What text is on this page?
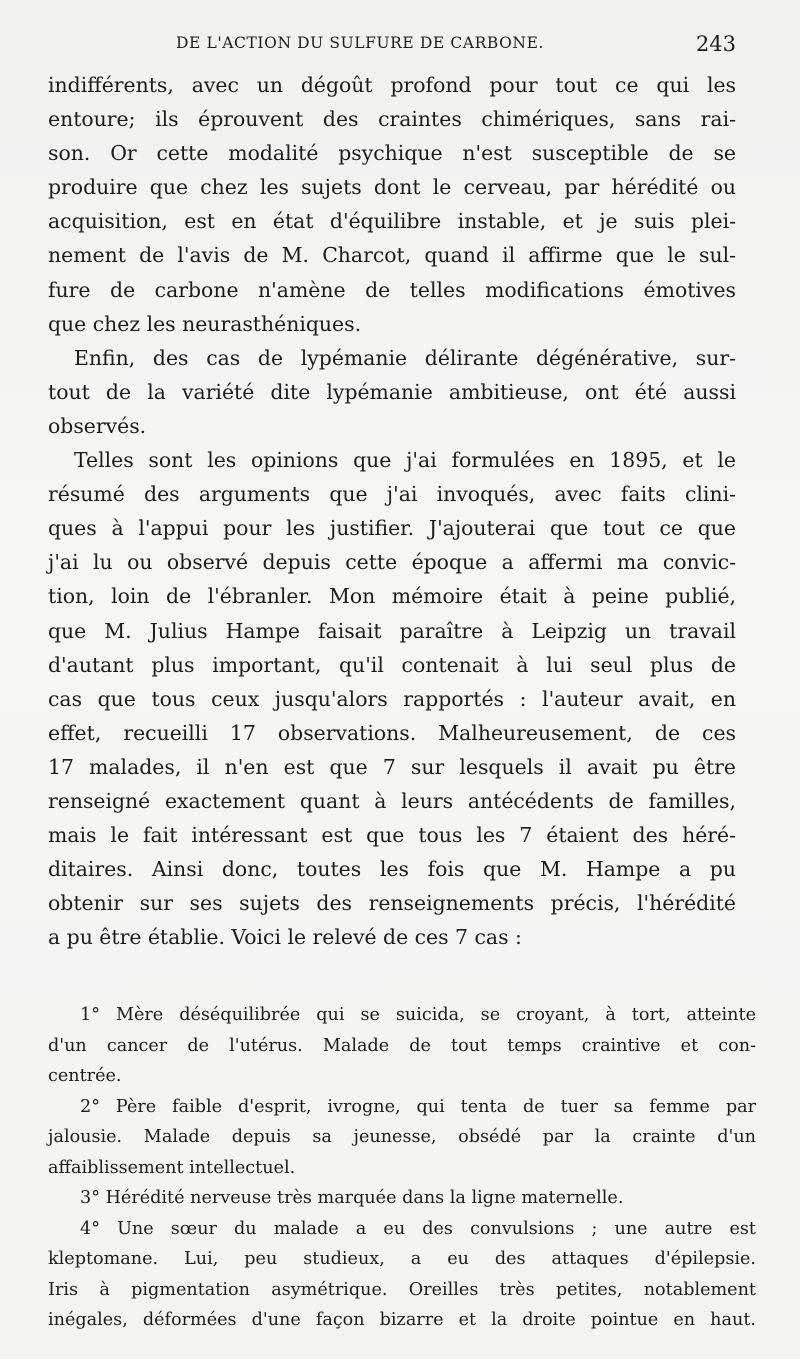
DE L'ACTION DU SULFURE DE CARBONE.	243
indifférents, avec un dégoût profond pour tout ce qui les
entoure; ils éprouvent des craintes chimériques, sans rai-
son. Or cette modalité psychique n'est susceptible de se
produire que chez les sujets dont le cerveau, par hérédité ou
acquisition, est en état d'équilibre instable, et je suis plei-
nement de l'avis de M. Charcot, quand il affirme que le sul-
fure de carbone n'amène de telles modifications émotives
que chez les neurasthéniques.
Enfin, des cas de lypémanie délirante dégénérative, sur-
tout de la variété dite lypémanie ambitieuse, ont été aussi
observés.
Telles sont les opinions que j'ai formulées en 1895, et le
résumé des arguments que j'ai invoqués, avec faits clini-
ques à l'appui pour les justifier. J'ajouterai que tout ce que
j'ai lu ou observé depuis cette époque a affermi ma convic-
tion, loin de l'ébranler. Mon mémoire était à peine publié,
que M. Julius Hampe faisait paraître à Leipzig un travail
d'autant plus important, qu'il contenait à lui seul plus de
cas que tous ceux jusqu'alors rapportés : l'auteur avait, en
effet, recueilli 17 observations. Malheureusement, de ces
17 malades, il n'en est que 7 sur lesquels il avait pu être
renseigné exactement quant à leurs antécédents de familles,
mais le fait intéressant est que tous les 7 étaient des héré-
ditaires. Ainsi donc, toutes les fois que M. Hampe a pu
obtenir sur ses sujets des renseignements précis, l'hérédité
a pu être établie. Voici le relevé de ces 7 cas :
1° Mère déséquilibrée qui se suicida, se croyant, à tort, atteinte
d'un cancer de l'utérus. Malade de tout temps craintive et con-
centrée.
2° Père faible d'esprit, ivrogne, qui tenta de tuer sa femme par
jalousie. Malade depuis sa jeunesse, obsédé par la crainte d'un
affaiblissement intellectuel.
3° Hérédité nerveuse très marquée dans la ligne maternelle.
4° Une sœur du malade a eu des convulsions ; une autre est
kleptomane. Lui, peu studieux, a eu des attaques d'épilepsie.
Iris à pigmentation asymétrique. Oreilles très petites, notablement
inégales, déformées d'une façon bizarre et la droite pointue en haut.
